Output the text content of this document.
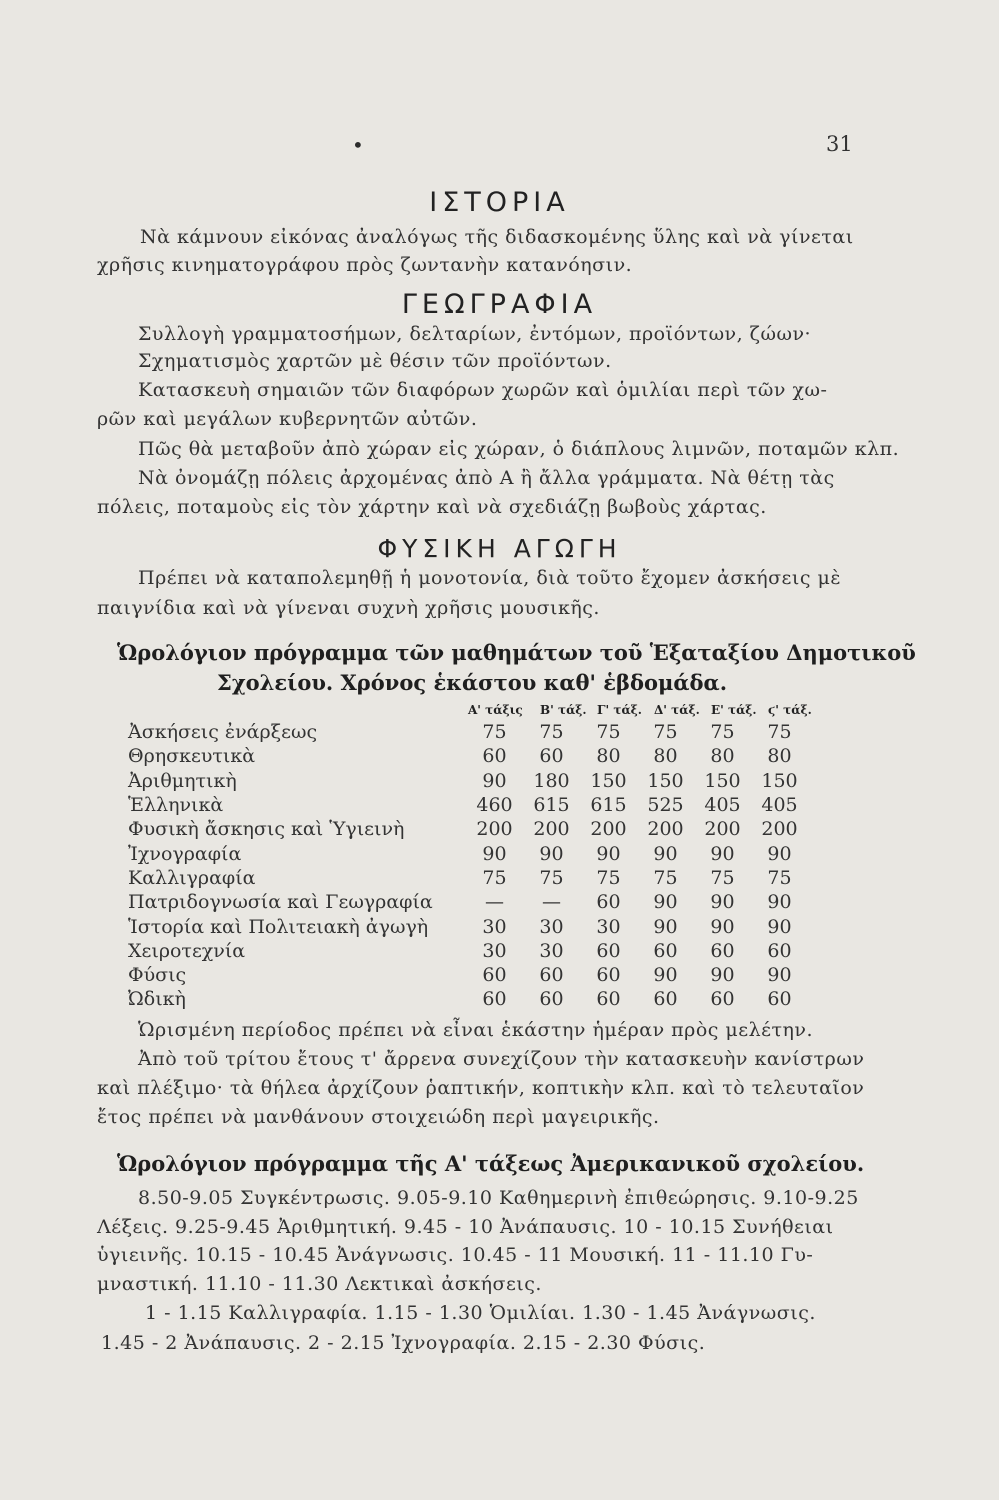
•	31
ΙΣΤΟΡΙΑ
Νὰ κάμνουν εἰκόνας ἀναλόγως τῆς διδασκομένης ὕλης καὶ νὰ γίνεται
χρῆσις κινηματογράφου πρὸς ζωντανὴν κατανόησιν.
ΓΕΩΓΡΑΦΙΑ
Συλλογὴ γραμματοσήμων, δελταρίων, ἐντόμων, προϊόντων, ζώων·
Σχηματισμὸς χαρτῶν μὲ θέσιν τῶν προϊόντων.
Κατασκευὴ σημαιῶν τῶν διαφόρων χωρῶν καὶ ὁμιλίαι περὶ τῶν χω-
ρῶν καὶ μεγάλων κυβερνητῶν αὐτῶν.
Πῶς θὰ μεταβοῦν ἀπὸ χώραν εἰς χώραν, ὁ διάπλους λιμνῶν, ποταμῶν κλπ.
Νὰ ὀνομάζῃ πόλεις ἀρχομένας ἀπὸ Α ἢ ἄλλα γράμματα. Νὰ θέτῃ τὰς
πόλεις, ποταμοὺς εἰς τὸν χάρτην καὶ νὰ σχεδιάζῃ βωβοὺς χάρτας.
ΦΥΣΙΚΗ ΑΓΩΓΗ
Πρέπει νὰ καταπολεμηθῇ ἡ μονοτονία, διὰ τοῦτο ἔχομεν ἀσκήσεις μὲ
παιγνίδια καὶ νὰ γίνεναι συχνὴ χρῆσις μουσικῆς.
Ὡρολόγιον πρόγραμμα τῶν μαθημάτων τοῦ Ἑξαταξίου Δημοτικοῦ
Σχολείου. Χρόνος ἑκάστου καθ' ἑβδομάδα.
Α' τάξις Β' τάξ. Γ' τάξ. Δ' τάξ. Ε' τάξ. ϛ' τάξ.
Ἀσκήσεις ἐνάρξεως	75	75	75	75	75	75
Θρησκευτικὰ	60	60	80	80	80	80
Ἀριθμητικὴ	90	180	150	150	150	150
Ἑλληνικὰ	460	615	615	525	405	405
Φυσικὴ ἄσκησις καὶ Ὑγιεινὴ	200	200	200	200	200	200
Ἰχνογραφία	90	90	90	90	90	90
Καλλιγραφία	75	75	75	75	75	75
Πατριδογνωσία καὶ Γεωγραφία	—	—	60	90	90	90
Ἱστορία καὶ Πολιτειακὴ ἀγωγὴ	30	30	30	90	90	90
Χειροτεχνία	30	30	60	60	60	60
Φύσις	60	60	60	90	90	90
Ὠδικὴ	60	60	60	60	60	60
Ὡρισμένη περίοδος πρέπει νὰ εἶναι ἑκάστην ἡμέραν πρὸς μελέτην.
Ἀπὸ τοῦ τρίτου ἔτους τ' ἄρρενα συνεχίζουν τὴν κατασκευὴν κανίστρων
καὶ πλέξιμο· τὰ θήλεα ἀρχίζουν ῥαπτικήν, κοπτικὴν κλπ. καὶ τὸ τελευταῖον
ἔτος πρέπει νὰ μανθάνουν στοιχειώδη περὶ μαγειρικῆς.
Ὡρολόγιον πρόγραμμα τῆς Α' τάξεως Ἀμερικανικοῦ σχολείου.
8.50-9.05 Συγκέντρωσις. 9.05-9.10 Καθημερινὴ ἐπιθεώρησις. 9.10-9.25
Λέξεις. 9.25-9.45 Ἀριθμητική. 9.45 - 10 Ἀνάπαυσις. 10 - 10.15 Συνήθειαι
ὑγιεινῆς. 10.15 - 10.45 Ἀνάγνωσις. 10.45 - 11 Μουσική. 11 - 11.10 Γυ-
μναστική. 11.10 - 11.30 Λεκτικαὶ ἀσκήσεις.
1 - 1.15 Καλλιγραφία. 1.15 - 1.30 Ὁμιλίαι. 1.30 - 1.45 Ἀνάγνωσις.
1.45 - 2 Ἀνάπαυσις. 2 - 2.15 Ἰχνογραφία. 2.15 - 2.30 Φύσις.
